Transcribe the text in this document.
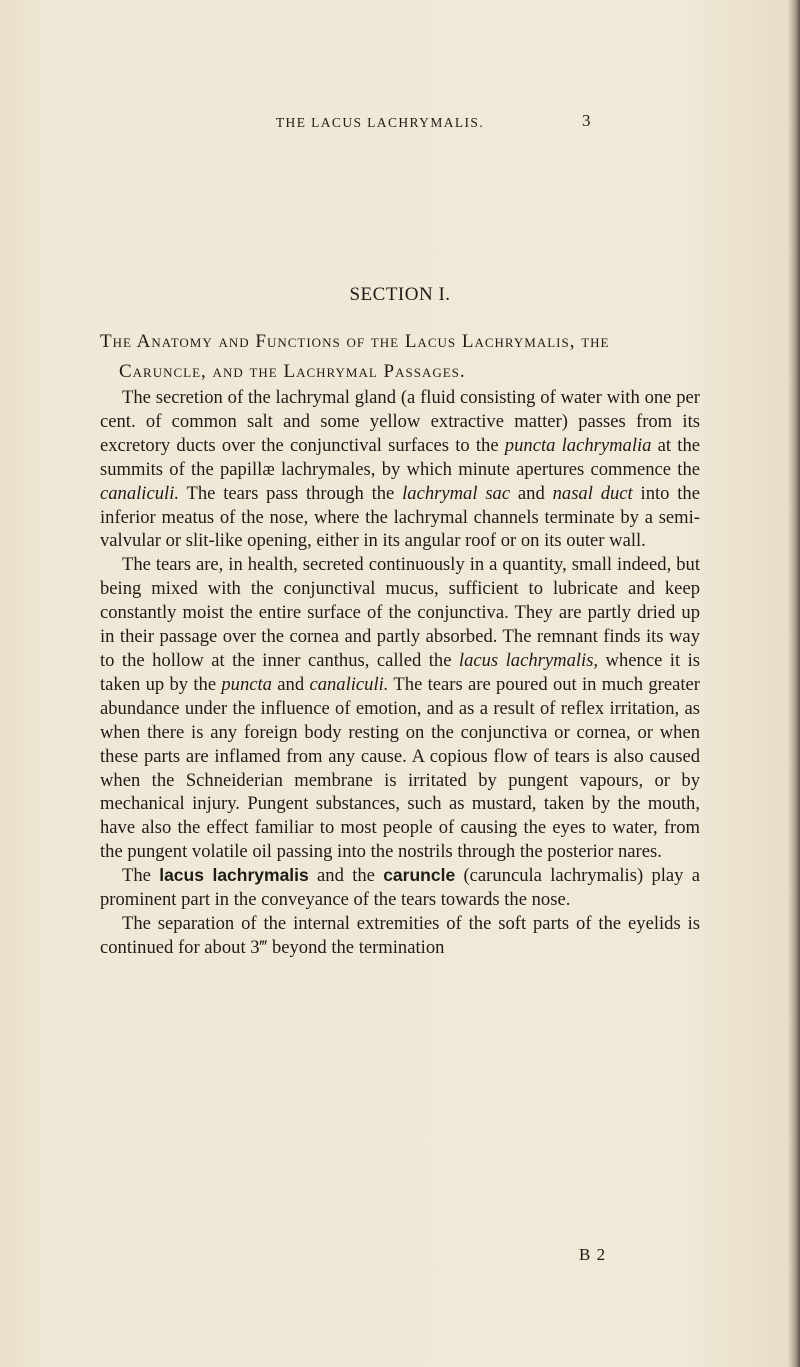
THE LACUS LACHRYMALIS.	3
SECTION I.
The Anatomy and Functions of the Lacus Lachrymalis, the

Caruncle, and the Lachrymal Passages.

The secretion of the lachrymal gland (a fluid consisting of water with one per cent. of common salt and some yellow extractive matter) passes from its excretory ducts over the conjunctival surfaces to the puncta lachrymalia at the summits of the papillæ lachrymales, by which minute apertures commence the canaliculi. The tears pass through the lachrymal sac and nasal duct into the inferior meatus of the nose, where the lachrymal channels terminate by a semi-valvular or slit-like opening, either in its angular roof or on its outer wall.

The tears are, in health, secreted continuously in a quantity, small indeed, but being mixed with the conjunctival mucus, sufficient to lubricate and keep constantly moist the entire surface of the conjunctiva. They are partly dried up in their passage over the cornea and partly absorbed. The remnant finds its way to the hollow at the inner canthus, called the lacus lachrymalis, whence it is taken up by the puncta and canaliculi. The tears are poured out in much greater abundance under the influence of emotion, and as a result of reflex irritation, as when there is any foreign body resting on the conjunctiva or cornea, or when these parts are inflamed from any cause. A copious flow of tears is also caused when the Schneiderian membrane is irritated by pungent vapours, or by mechanical injury. Pungent substances, such as mustard, taken by the mouth, have also the effect familiar to most people of causing the eyes to water, from the pungent volatile oil passing into the nostrils through the posterior nares.

The lacus lachrymalis and the caruncle (caruncula lachrymalis) play a prominent part in the conveyance of the tears towards the nose.

The separation of the internal extremities of the soft parts of the eyelids is continued for about 3‴ beyond the termination

B 2
